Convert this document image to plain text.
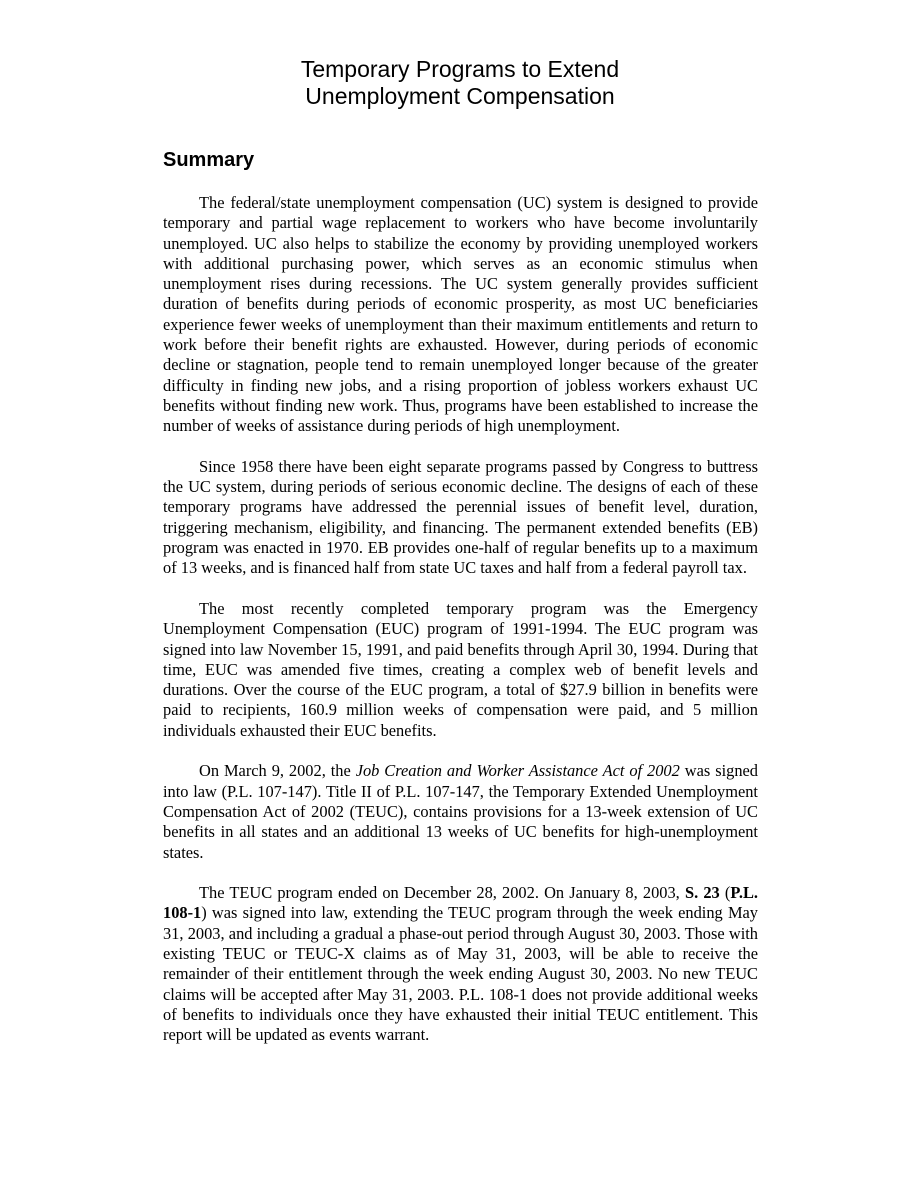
Temporary Programs to Extend
Unemployment Compensation
Summary

The federal/state unemployment compensation (UC) system is designed to provide temporary and partial wage replacement to workers who have become involuntarily unemployed. UC also helps to stabilize the economy by providing unemployed workers with additional purchasing power, which serves as an economic stimulus when unemployment rises during recessions. The UC system generally provides sufficient duration of benefits during periods of economic prosperity, as most UC beneficiaries experience fewer weeks of unemployment than their maximum entitlements and return to work before their benefit rights are exhausted. However, during periods of economic decline or stagnation, people tend to remain unemployed longer because of the greater difficulty in finding new jobs, and a rising proportion of jobless workers exhaust UC benefits without finding new work. Thus, programs have been established to increase the number of weeks of assistance during periods of high unemployment.

Since 1958 there have been eight separate programs passed by Congress to buttress the UC system, during periods of serious economic decline. The designs of each of these temporary programs have addressed the perennial issues of benefit level, duration, triggering mechanism, eligibility, and financing. The permanent extended benefits (EB) program was enacted in 1970. EB provides one-half of regular benefits up to a maximum of 13 weeks, and is financed half from state UC taxes and half from a federal payroll tax.

The most recently completed temporary program was the Emergency Unemployment Compensation (EUC) program of 1991-1994. The EUC program was signed into law November 15, 1991, and paid benefits through April 30, 1994. During that time, EUC was amended five times, creating a complex web of benefit levels and durations. Over the course of the EUC program, a total of $27.9 billion in benefits were paid to recipients, 160.9 million weeks of compensation were paid, and 5 million individuals exhausted their EUC benefits.

On March 9, 2002, the Job Creation and Worker Assistance Act of 2002 was signed into law (P.L. 107-147). Title II of P.L. 107-147, the Temporary Extended Unemployment Compensation Act of 2002 (TEUC), contains provisions for a 13-week extension of UC benefits in all states and an additional 13 weeks of UC benefits for high-unemployment states.

The TEUC program ended on December 28, 2002. On January 8, 2003, S. 23 (P.L. 108-1) was signed into law, extending the TEUC program through the week ending May 31, 2003, and including a gradual a phase-out period through August 30, 2003. Those with existing TEUC or TEUC-X claims as of May 31, 2003, will be able to receive the remainder of their entitlement through the week ending August 30, 2003. No new TEUC claims will be accepted after May 31, 2003. P.L. 108-1 does not provide additional weeks of benefits to individuals once they have exhausted their initial TEUC entitlement. This report will be updated as events warrant.
